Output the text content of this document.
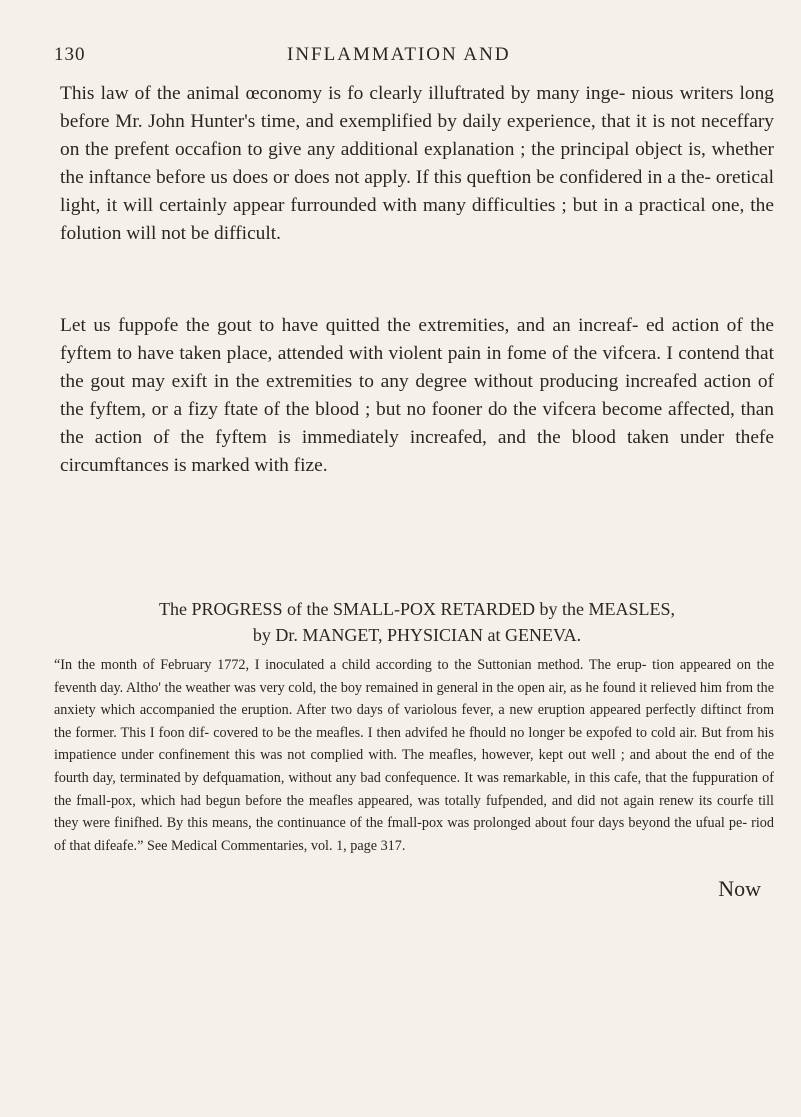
130	INFLAMMATION AND

This law of the animal œconomy is fo clearly illuftrated by many inge- nious writers long before Mr. John Hunter's time, and exemplified by daily experience, that it is not neceffary on the prefent occafion to give any additional explanation ; the principal object is, whether the inftance before us does or does not apply. If this queftion be confidered in a the- oretical light, it will certainly appear furrounded with many difficulties ; but in a practical one, the folution will not be difficult.

Let us fuppofe the gout to have quitted the extremities, and an increaf- ed action of the fyftem to have taken place, attended with violent pain in fome of the vifcera. I contend that the gout may exift in the extremities to any degree without producing increafed action of the fyftem, or a fizy ftate of the blood ; but no fooner do the vifcera become affected, than the action of the fyftem is immediately increafed, and the blood taken under thefe circumftances is marked with fize.

The PROGRESS of the SMALL-POX RETARDED by the MEASLES,

by Dr. MANGET, PHYSICIAN at GENEVA.

“In the month of February 1772, I inoculated a child according to the Suttonian method. The erup- tion appeared on the feventh day. Altho' the weather was very cold, the boy remained in general in the open air, as he found it relieved him from the anxiety which accompanied the eruption. After two days of variolous fever, a new eruption appeared perfectly diftinct from the former. This I foon dif- covered to be the meafles. I then advifed he fhould no longer be expofed to cold air. But from his impatience under confinement this was not complied with. The meafles, however, kept out well ; and about the end of the fourth day, terminated by defquamation, without any bad confequence. It was remarkable, in this cafe, that the fuppuration of the fmall-pox, which had begun before the meafles appeared, was totally fufpended, and did not again renew its courfe till they were finifhed. By this means, the continuance of the fmall-pox was prolonged about four days beyond the ufual pe- riod of that difeafe.” See Medical Commentaries, vol. 1, page 317.

Now
